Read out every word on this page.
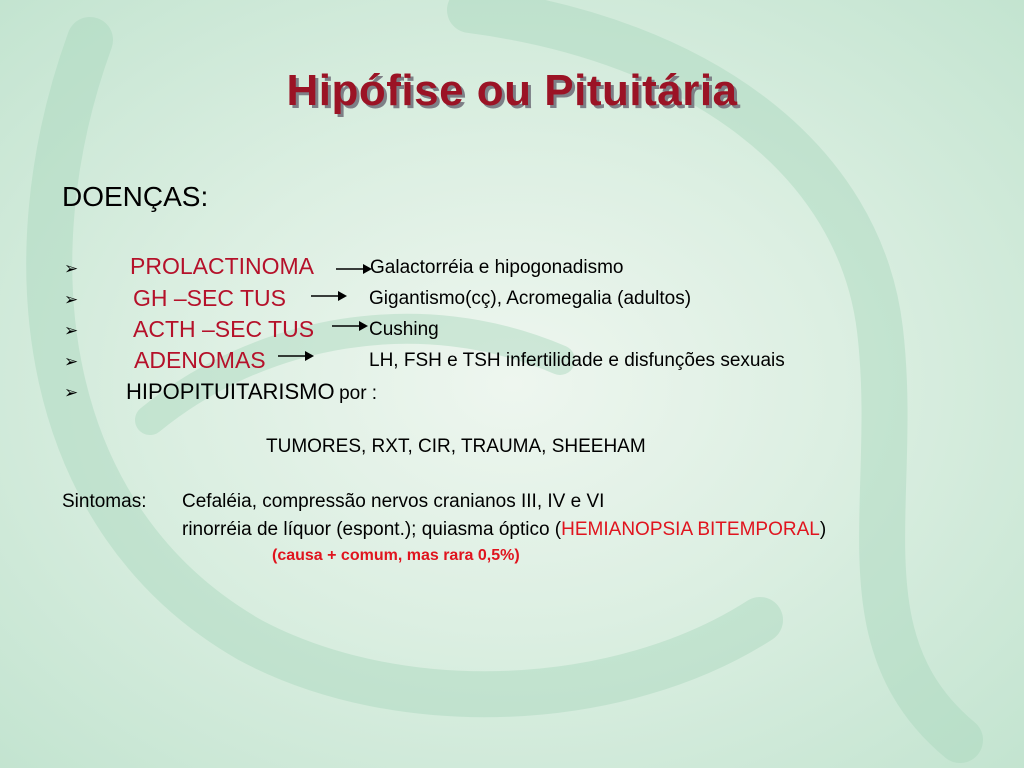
Hipófise ou Pituitária
DOENÇAS:
➢
➢
➢
➢
➢
PROLACTINOMA	Galactorréia e hipogonadismo
GH –SEC TUS	Gigantismo(cç), Acromegalia (adultos)
ACTH –SEC TUS	Cushing
ADENOMAS	LH, FSH e TSH infertilidade e disfunções sexuais
HIPOPITUITARISMO por :
TUMORES, RXT, CIR, TRAUMA, SHEEHAM
Sintomas: Cefaléia, compressão nervos cranianos III, IV e VI
rinorréia de líquor (espont.); quiasma óptico (HEMIANOPSIA BITEMPORAL)
(causa + comum, mas rara 0,5%)
